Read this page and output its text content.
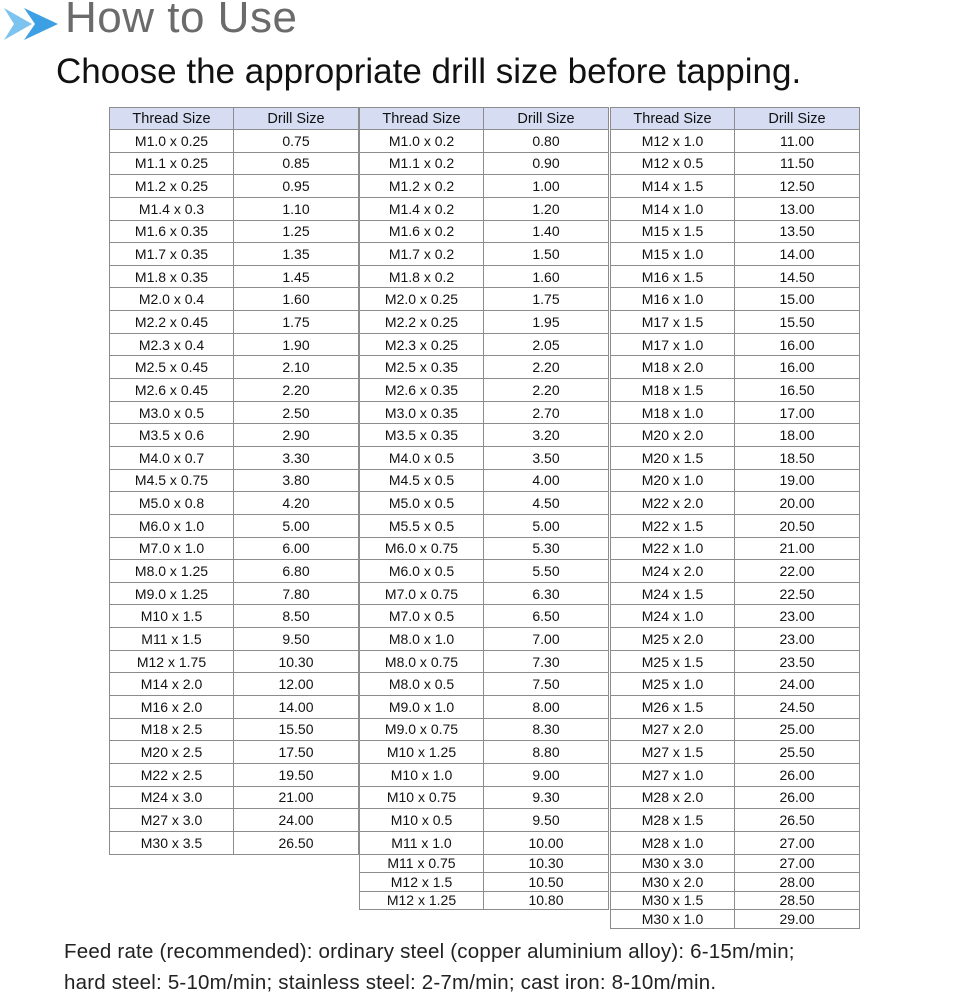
How to Use
Choose the appropriate drill size before tapping.
Thread Size	Drill Size
M1.0 x 0.25	0.75
M1.1 x 0.25	0.85
M1.2 x 0.25	0.95
M1.4 x 0.3	1.10
M1.6 x 0.35	1.25
M1.7 x 0.35	1.35
M1.8 x 0.35	1.45
M2.0 x 0.4	1.60
M2.2 x 0.45	1.75
M2.3 x 0.4	1.90
M2.5 x 0.45	2.10
M2.6 x 0.45	2.20
M3.0 x 0.5	2.50
M3.5 x 0.6	2.90
M4.0 x 0.7	3.30
M4.5 x 0.75	3.80
M5.0 x 0.8	4.20
M6.0 x 1.0	5.00
M7.0 x 1.0	6.00
M8.0 x 1.25	6.80
M9.0 x 1.25	7.80
M10 x 1.5	8.50
M11 x 1.5	9.50
M12 x 1.75	10.30
M14 x 2.0	12.00
M16 x 2.0	14.00
M18 x 2.5	15.50
M20 x 2.5	17.50
M22 x 2.5	19.50
M24 x 3.0	21.00
M27 x 3.0	24.00
M30 x 3.5	26.50
Thread Size	Drill Size
M1.0 x 0.2	0.80
M1.1 x 0.2	0.90
M1.2 x 0.2	1.00
M1.4 x 0.2	1.20
M1.6 x 0.2	1.40
M1.7 x 0.2	1.50
M1.8 x 0.2	1.60
M2.0 x 0.25	1.75
M2.2 x 0.25	1.95
M2.3 x 0.25	2.05
M2.5 x 0.35	2.20
M2.6 x 0.35	2.20
M3.0 x 0.35	2.70
M3.5 x 0.35	3.20
M4.0 x 0.5	3.50
M4.5 x 0.5	4.00
M5.0 x 0.5	4.50
M5.5 x 0.5	5.00
M6.0 x 0.75	5.30
M6.0 x 0.5	5.50
M7.0 x 0.75	6.30
M7.0 x 0.5	6.50
M8.0 x 1.0	7.00
M8.0 x 0.75	7.30
M8.0 x 0.5	7.50
M9.0 x 1.0	8.00
M9.0 x 0.75	8.30
M10 x 1.25	8.80
M10 x 1.0	9.00
M10 x 0.75	9.30
M10 x 0.5	9.50
M11 x 1.0	10.00
M11 x 0.75	10.30
M12 x 1.5	10.50
M12 x 1.25	10.80
Thread Size	Drill Size
M12 x 1.0	11.00
M12 x 0.5	11.50
M14 x 1.5	12.50
M14 x 1.0	13.00
M15 x 1.5	13.50
M15 x 1.0	14.00
M16 x 1.5	14.50
M16 x 1.0	15.00
M17 x 1.5	15.50
M17 x 1.0	16.00
M18 x 2.0	16.00
M18 x 1.5	16.50
M18 x 1.0	17.00
M20 x 2.0	18.00
M20 x 1.5	18.50
M20 x 1.0	19.00
M22 x 2.0	20.00
M22 x 1.5	20.50
M22 x 1.0	21.00
M24 x 2.0	22.00
M24 x 1.5	22.50
M24 x 1.0	23.00
M25 x 2.0	23.00
M25 x 1.5	23.50
M25 x 1.0	24.00
M26 x 1.5	24.50
M27 x 2.0	25.00
M27 x 1.5	25.50
M27 x 1.0	26.00
M28 x 2.0	26.00
M28 x 1.5	26.50
M28 x 1.0	27.00
M30 x 3.0	27.00
M30 x 2.0	28.00
M30 x 1.5	28.50
M30 x 1.0	29.00
Feed rate (recommended): ordinary steel (copper aluminium alloy): 6-15m/min;
hard steel: 5-10m/min; stainless steel: 2-7m/min; cast iron: 8-10m/min.
